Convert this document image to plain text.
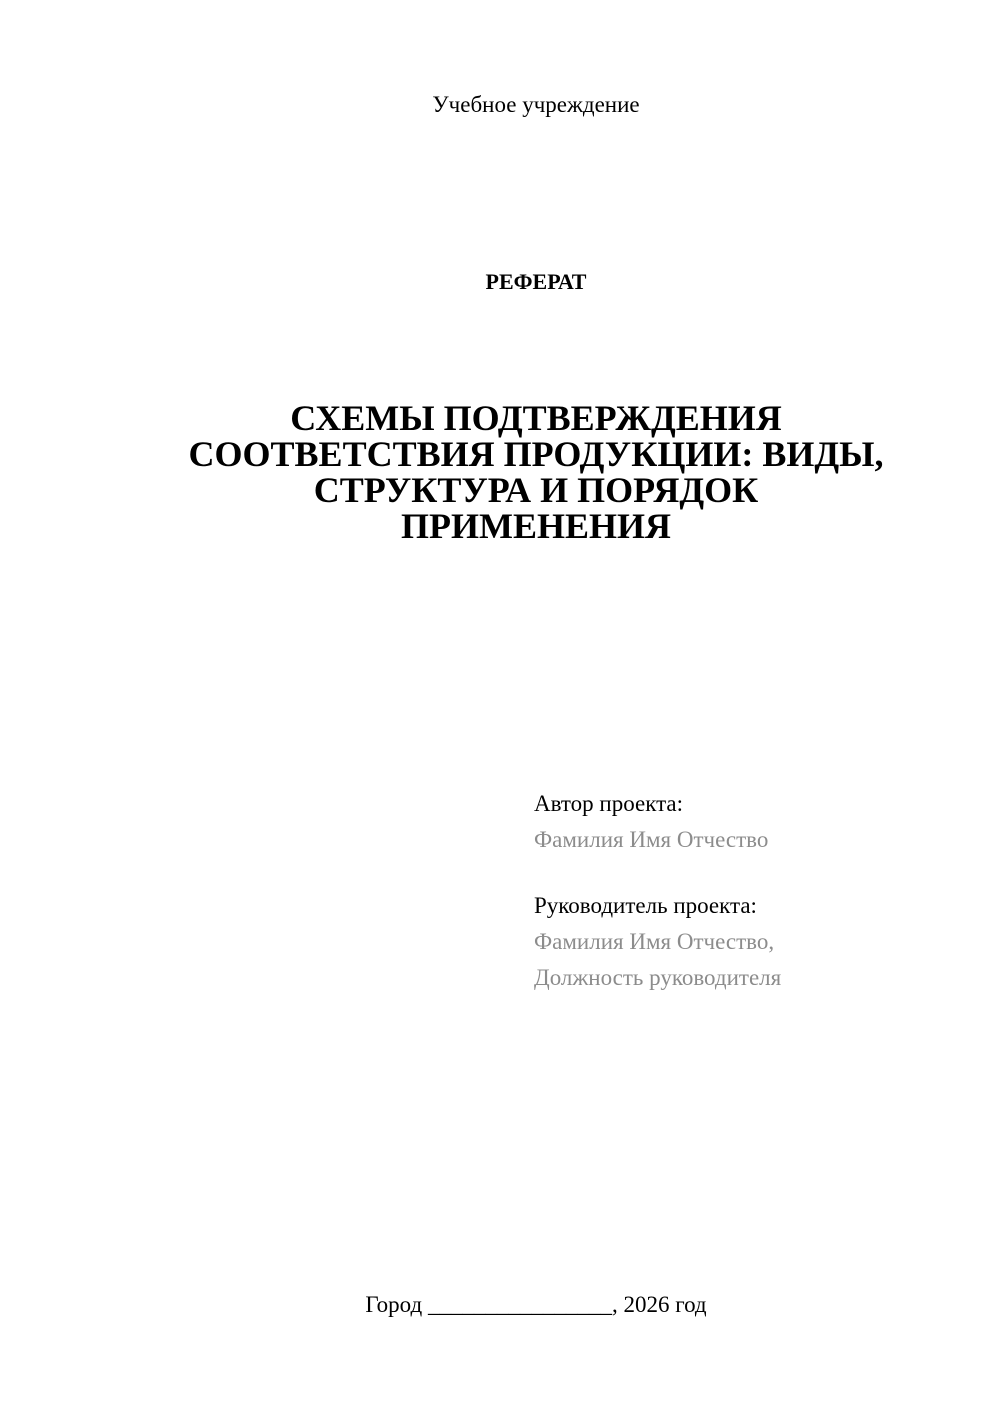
Учебное учреждение
РЕФЕРАТ
СХЕМЫ ПОДТВЕРЖДЕНИЯ
СООТВЕТСТВИЯ ПРОДУКЦИИ: ВИДЫ,
СТРУКТУРА И ПОРЯДОК
ПРИМЕНЕНИЯ
Автор проекта:
Фамилия Имя Отчество
Руководитель проекта:
Фамилия Имя Отчество,
Должность руководителя
Город ________________, 2026 год
